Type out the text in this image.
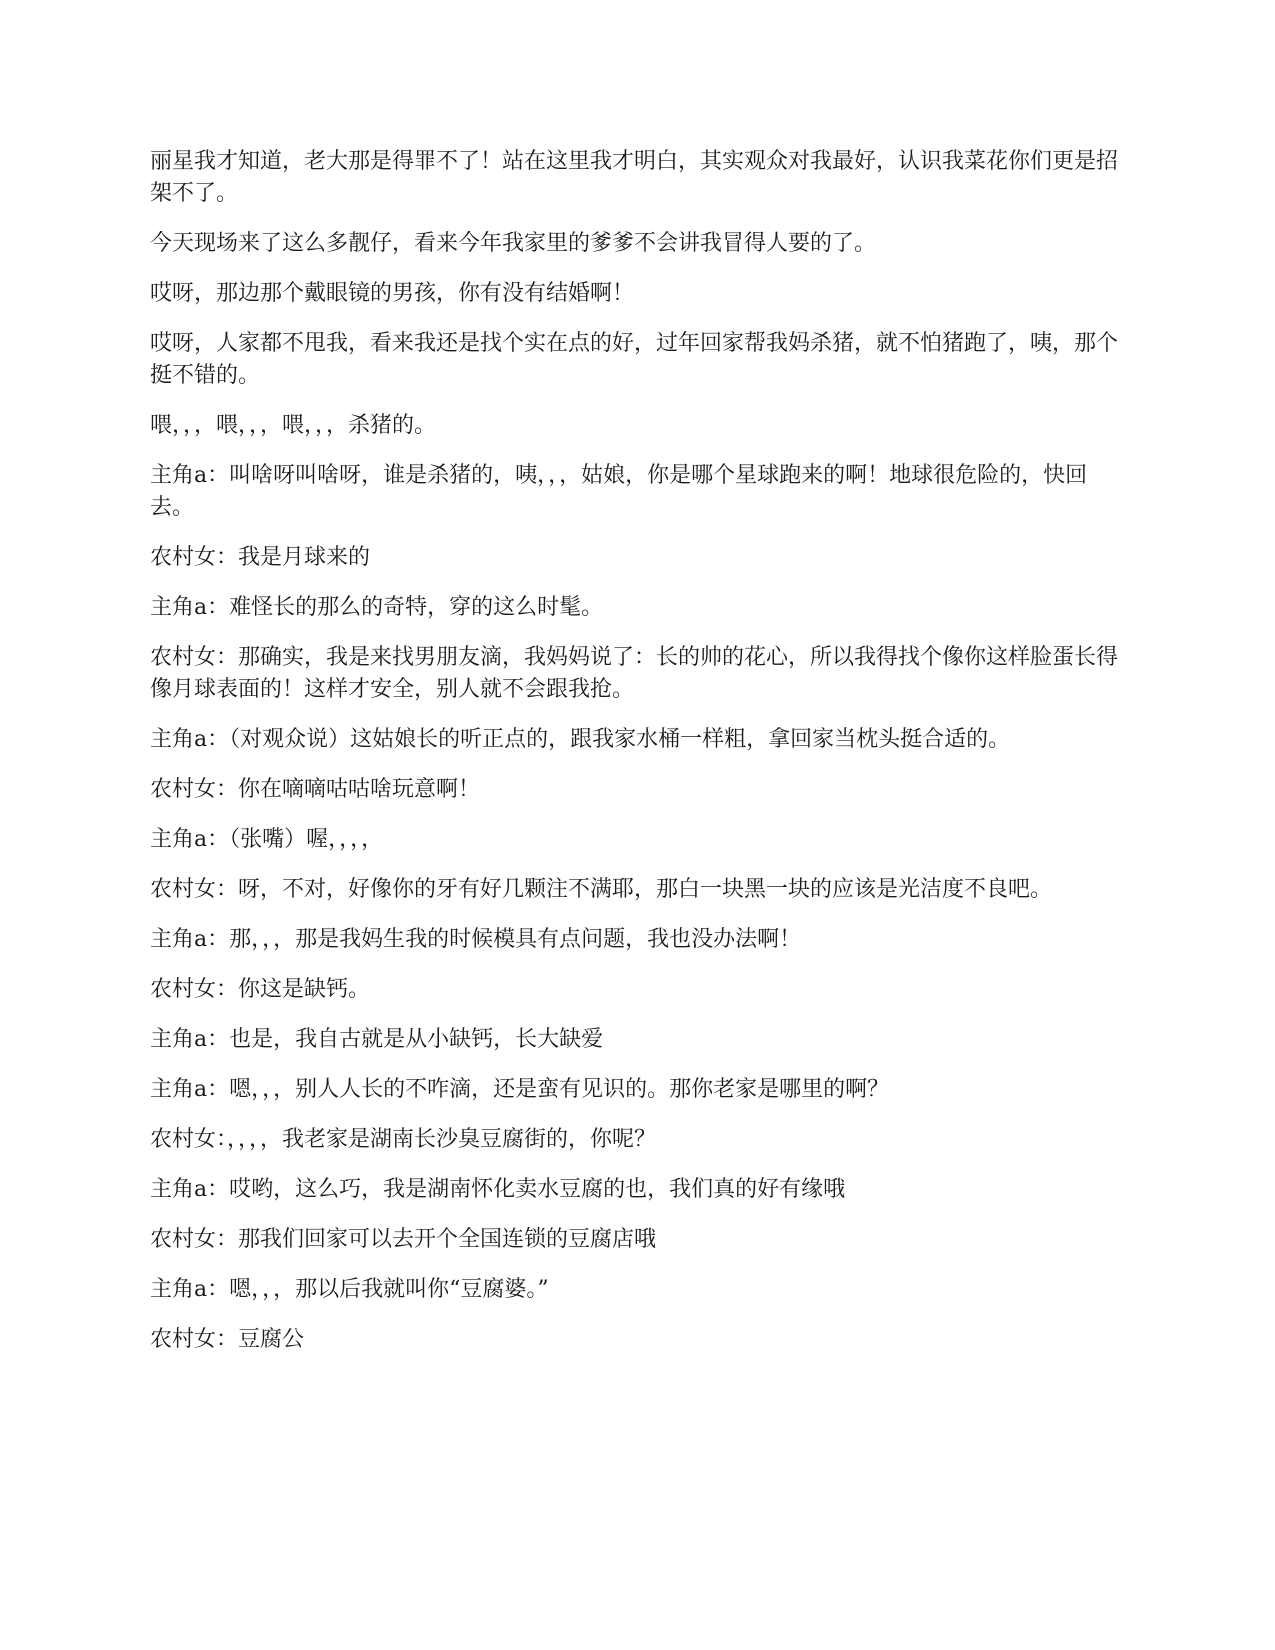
丽星我才知道，老大那是得罪不了！站在这里我才明白，其实观众对我最好，认识我菜花你们更是招架不了。

今天现场来了这么多靓仔，看来今年我家里的爹爹不会讲我冒得人要的了。

哎呀，那边那个戴眼镜的男孩，你有没有结婚啊！

哎呀，人家都不甩我，看来我还是找个实在点的好，过年回家帮我妈杀猪，就不怕猪跑了，咦，那个挺不错的。

喂，，，喂，，，喂，，，杀猪的。

主角a：叫啥呀叫啥呀，谁是杀猪的，咦，，，姑娘，你是哪个星球跑来的啊！地球很危险的，快回去。

农村女：我是月球来的

主角a：难怪长的那么的奇特，穿的这么时髦。

农村女：那确实，我是来找男朋友滴，我妈妈说了：长的帅的花心，所以我得找个像你这样脸蛋长得像月球表面的！这样才安全，别人就不会跟我抢。

主角a：（对观众说）这姑娘长的听正点的，跟我家水桶一样粗，拿回家当枕头挺合适的。

农村女：你在嘀嘀咕咕啥玩意啊！

主角a：（张嘴）喔，，，，

农村女：呀，不对，好像你的牙有好几颗注不满耶，那白一块黑一块的应该是光洁度不良吧。

主角a：那，，，那是我妈生我的时候模具有点问题，我也没办法啊！

农村女：你这是缺钙。

主角a：也是，我自古就是从小缺钙，长大缺爱

主角a：嗯，，，别人人长的不咋滴，还是蛮有见识的。那你老家是哪里的啊？

农村女：，，，，我老家是湖南长沙臭豆腐街的，你呢？

主角a：哎哟，这么巧，我是湖南怀化卖水豆腐的也，我们真的好有缘哦

农村女：那我们回家可以去开个全国连锁的豆腐店哦

主角a：嗯，，，那以后我就叫你“豆腐婆。”

农村女：豆腐公
